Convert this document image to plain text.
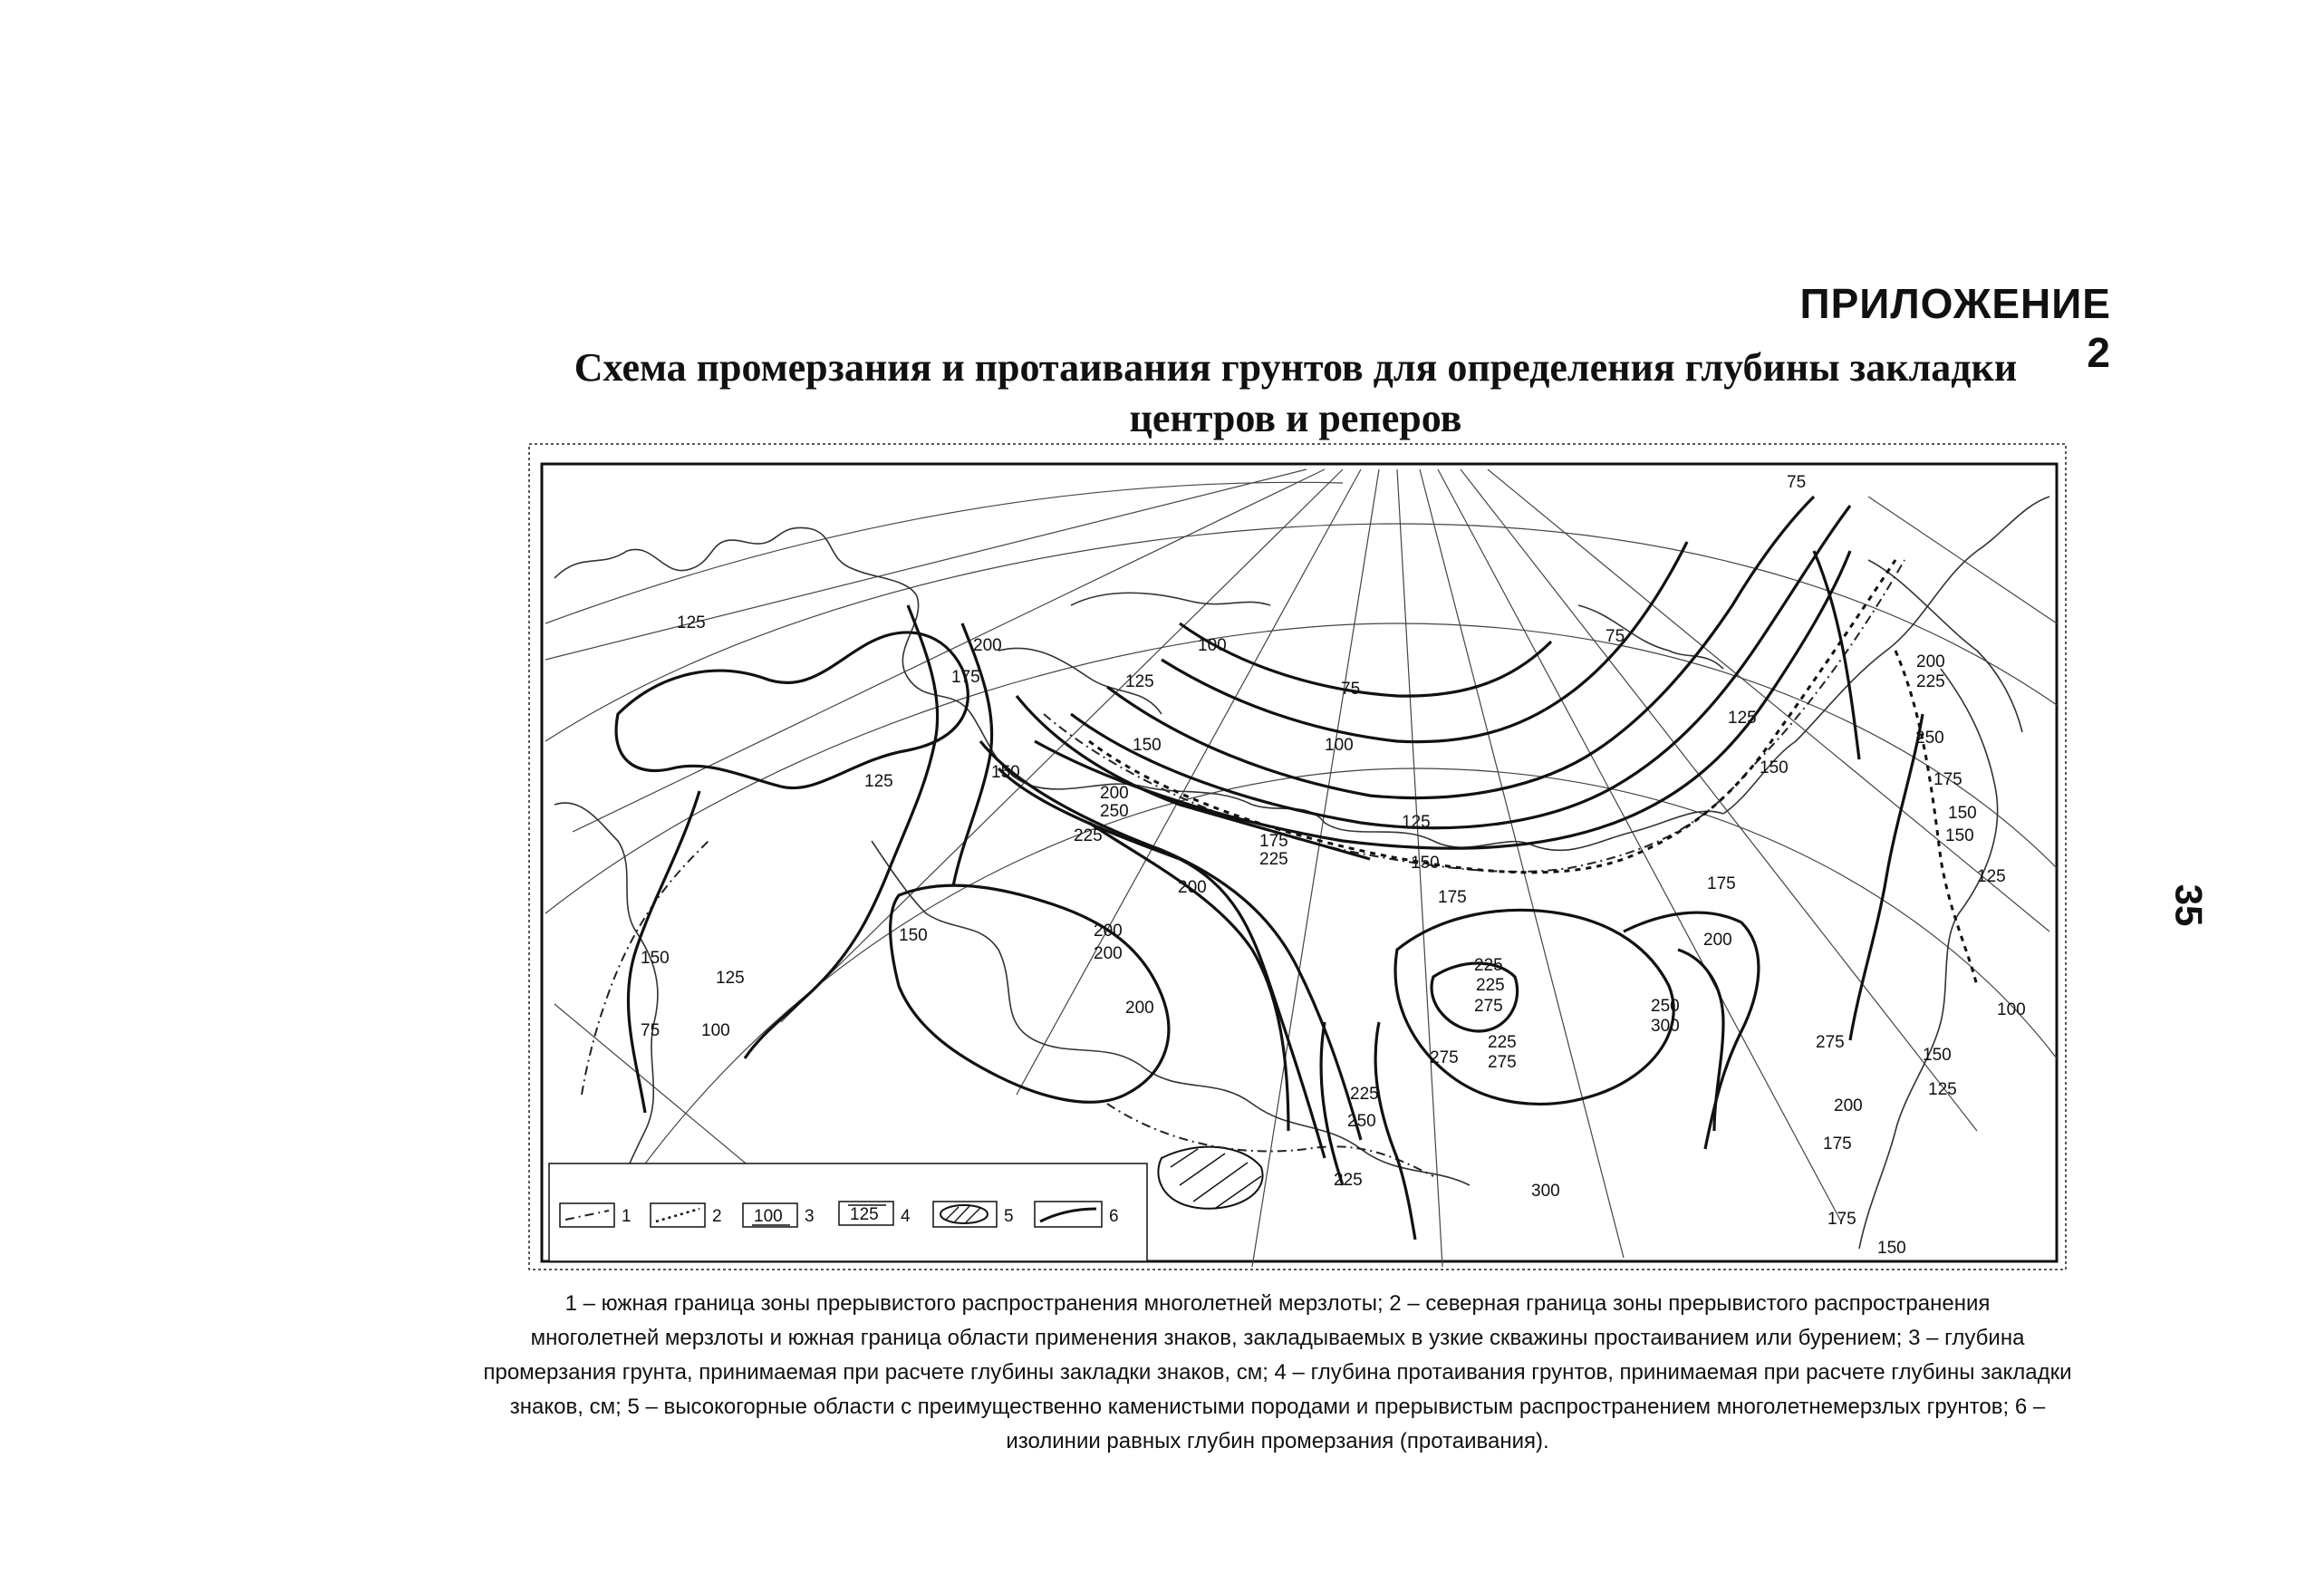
ПРИЛОЖЕНИЕ 2
Схема промерзания и протаивания грунтов для определения глубины закладки
центров и реперов
35
125
200
175
150
100
125
150
200
250
225
200
175
225
125
150
75
75
100
125
150
125
175
150
175
200
150
75
125
100
200
225
200
225
275
225
275
250
300
275
225
275
250
225
200
300
175
150
175
100
150
125
200
250
225
175
150
75
200
125
150
1	2 100 3 125 4	5	6
1 – южная граница зоны прерывистого распространения многолетней мерзлоты; 2 – северная граница зоны прерывистого распространения
многолетней мерзлоты и южная граница области применения знаков, закладываемых в узкие скважины простаиванием или бурением; 3 – глубина
промерзания грунта, принимаемая при расчете глубины закладки знаков, см; 4 – глубина протаивания грунтов, принимаемая при расчете глубины закладки
знаков, см; 5 – высокогорные области с преимущественно каменистыми породами и прерывистым распространением многолетнемерзлых грунтов; 6 –
изолинии равных глубин промерзания (протаивания).
